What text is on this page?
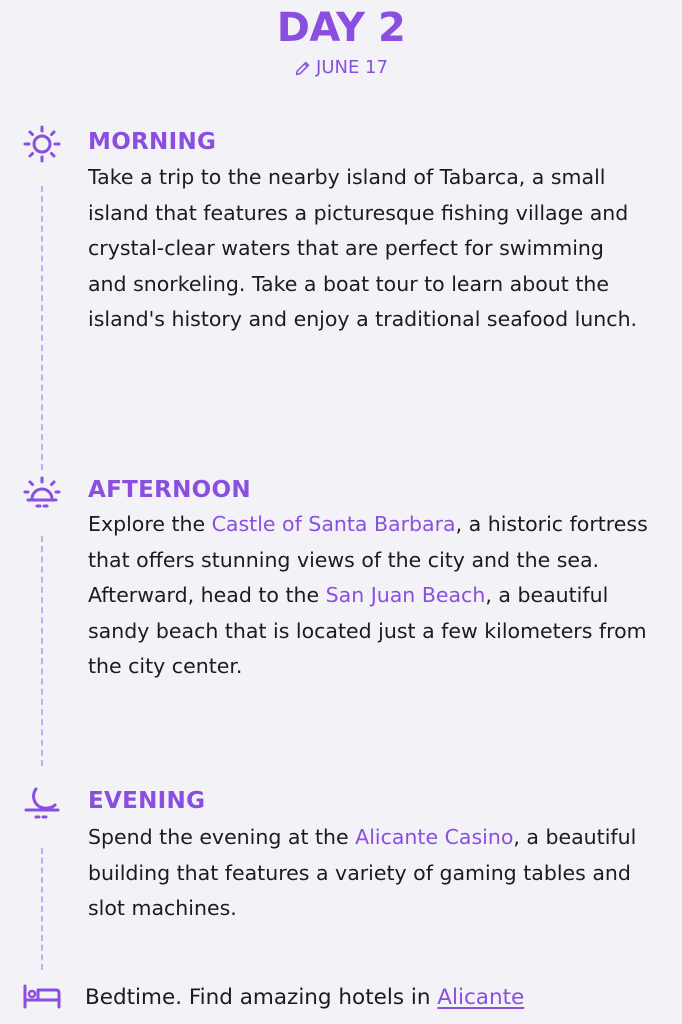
DAY 2
JUNE 17
MORNING

Take a trip to the nearby island of Tabarca, a small island that features a picturesque fishing village and crystal-clear waters that are perfect for swimming and snorkeling. Take a boat tour to learn about the island's history and enjoy a traditional seafood lunch.

AFTERNOON

Explore the Castle of Santa Barbara, a historic fortress that offers stunning views of the city and the sea. Afterward, head to the San Juan Beach, a beautiful sandy beach that is located just a few kilometers from the city center.

EVENING

Spend the evening at the Alicante Casino, a beautiful building that features a variety of gaming tables and slot machines.

Bedtime. Find amazing hotels in Alicante
